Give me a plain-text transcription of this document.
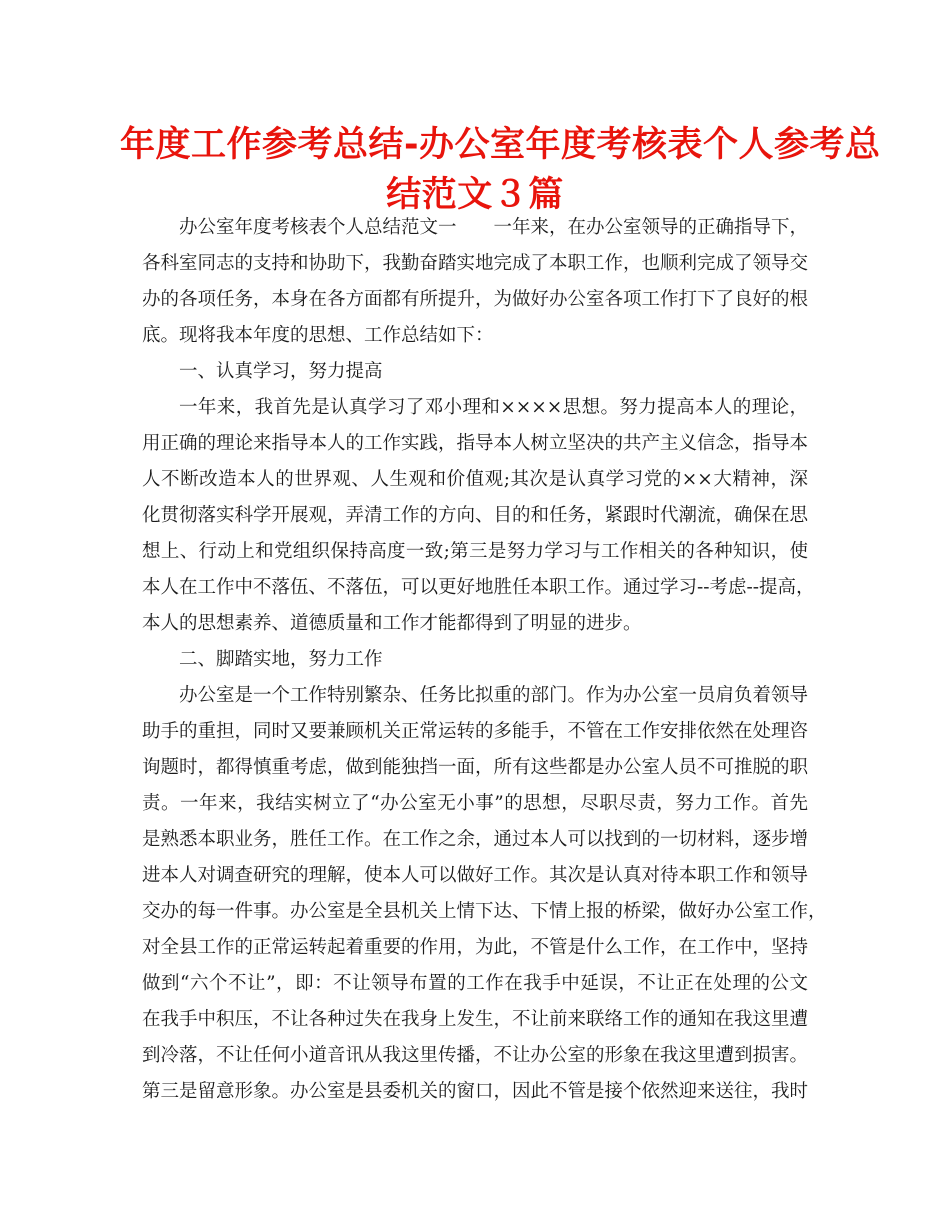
年度工作参考总结-办公室年度考核表个人参考总
结范文３篇
办公室年度考核表个人总结范文一　　一年来，在办公室领导的正确指导下，
各科室同志的支持和协助下，我勤奋踏实地完成了本职工作，也顺利完成了领导交
办的各项任务，本身在各方面都有所提升，为做好办公室各项工作打下了良好的根
底。现将我本年度的思想、工作总结如下：
一、认真学习，努力提高
一年来，我首先是认真学习了邓小理和××××思想。努力提高本人的理论，
用正确的理论来指导本人的工作实践，指导本人树立坚决的共产主义信念，指导本
人不断改造本人的世界观、人生观和价值观;其次是认真学习党的××大精神，深
化贯彻落实科学开展观，弄清工作的方向、目的和任务，紧跟时代潮流，确保在思
想上、行动上和党组织保持高度一致;第三是努力学习与工作相关的各种知识，使
本人在工作中不落伍、不落伍，可以更好地胜任本职工作。通过学习--考虑--提高，
本人的思想素养、道德质量和工作才能都得到了明显的进步。
二、脚踏实地，努力工作
办公室是一个工作特别繁杂、任务比拟重的部门。作为办公室一员肩负着领导
助手的重担，同时又要兼顾机关正常运转的多能手，不管在工作安排依然在处理咨
询题时，都得慎重考虑，做到能独挡一面，所有这些都是办公室人员不可推脱的职
责。一年来，我结实树立了“办公室无小事”的思想，尽职尽责，努力工作。首先
是熟悉本职业务，胜任工作。在工作之余，通过本人可以找到的一切材料，逐步增
进本人对调查研究的理解，使本人可以做好工作。其次是认真对待本职工作和领导
交办的每一件事。办公室是全县机关上情下达、下情上报的桥梁，做好办公室工作，
对全县工作的正常运转起着重要的作用，为此，不管是什么工作，在工作中，坚持
做到“六个不让”，即：不让领导布置的工作在我手中延误，不让正在处理的公文
在我手中积压，不让各种过失在我身上发生，不让前来联络工作的通知在我这里遭
到冷落，不让任何小道音讯从我这里传播，不让办公室的形象在我这里遭到损害。
第三是留意形象。办公室是县委机关的窗口，因此不管是接个依然迎来送往，我时
